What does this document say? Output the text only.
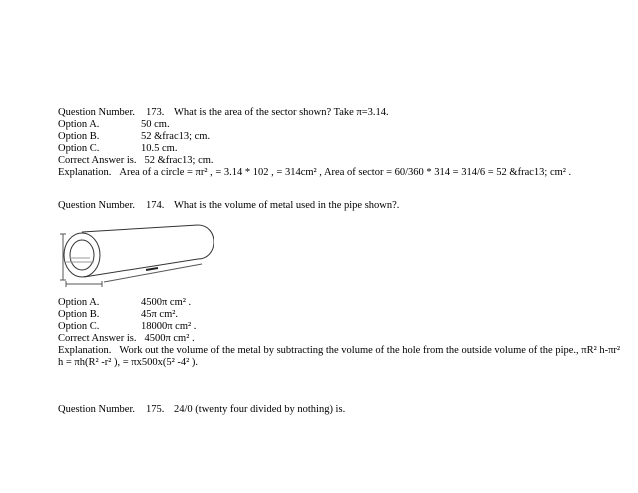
Question Number. 173. What is the area of the sector shown? Take π=3.14.
Option A.	50 cm.
Option B.	52 &frac13; cm.
Option C.	10.5 cm.
Correct Answer is. 52 &frac13; cm.
Explanation. Area of a circle = πr² , = 3.14 * 102 , = 314cm² , Area of sector = 60/360 * 314 = 314/6 = 52 &frac13; cm² .
Question Number. 174. What is the volume of metal used in the pipe shown?.
Option A.	4500π cm² .
Option B.	45π cm².
Option C.	18000π cm² .
Correct Answer is. 4500π cm² .
Explanation. Work out the volume of the metal by subtracting the volume of the hole from the outside volume of the pipe., πR² h-πr²
h = πh(R² -r² ), = πx500x(5² -4² ).
Question Number. 175. 24/0 (twenty four divided by nothing) is.
